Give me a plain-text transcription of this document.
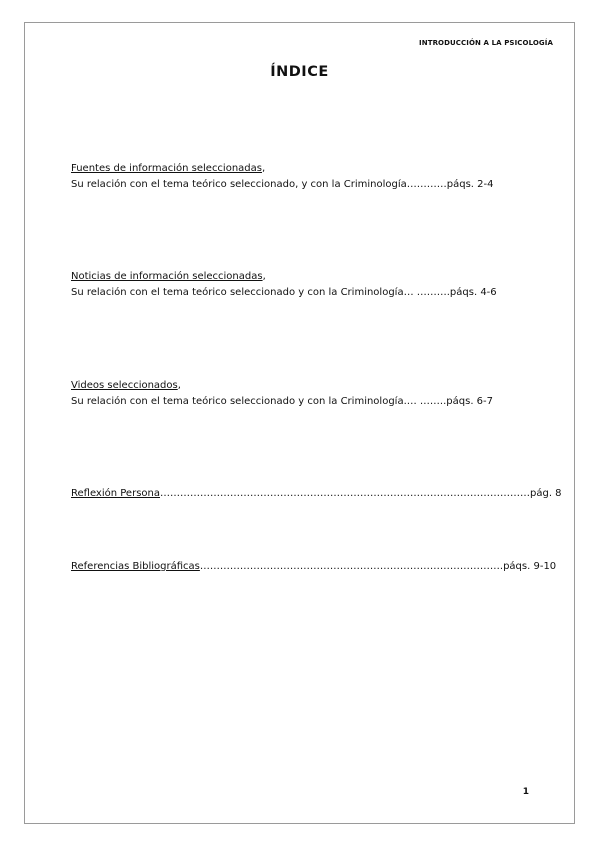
INTRODUCCIÓN A LA PSICOLOGÍA
ÍNDICE
Fuentes de información seleccionadas,
Su relación con el tema teórico seleccionado, y con la Criminología…………páqs. 2-4
Noticias de información seleccionadas,
Su relación con el tema teórico seleccionado y con la Criminología… ……….páqs. 4-6
Videos seleccionados,
Su relación con el tema teórico seleccionado y con la Criminología.… ……..páqs. 6-7
Reflexión Persona…………………………………………………………………………………………………pág. 8
Referencias Bibliográficas……………………………………………………………………………….páqs. 9-10
1
